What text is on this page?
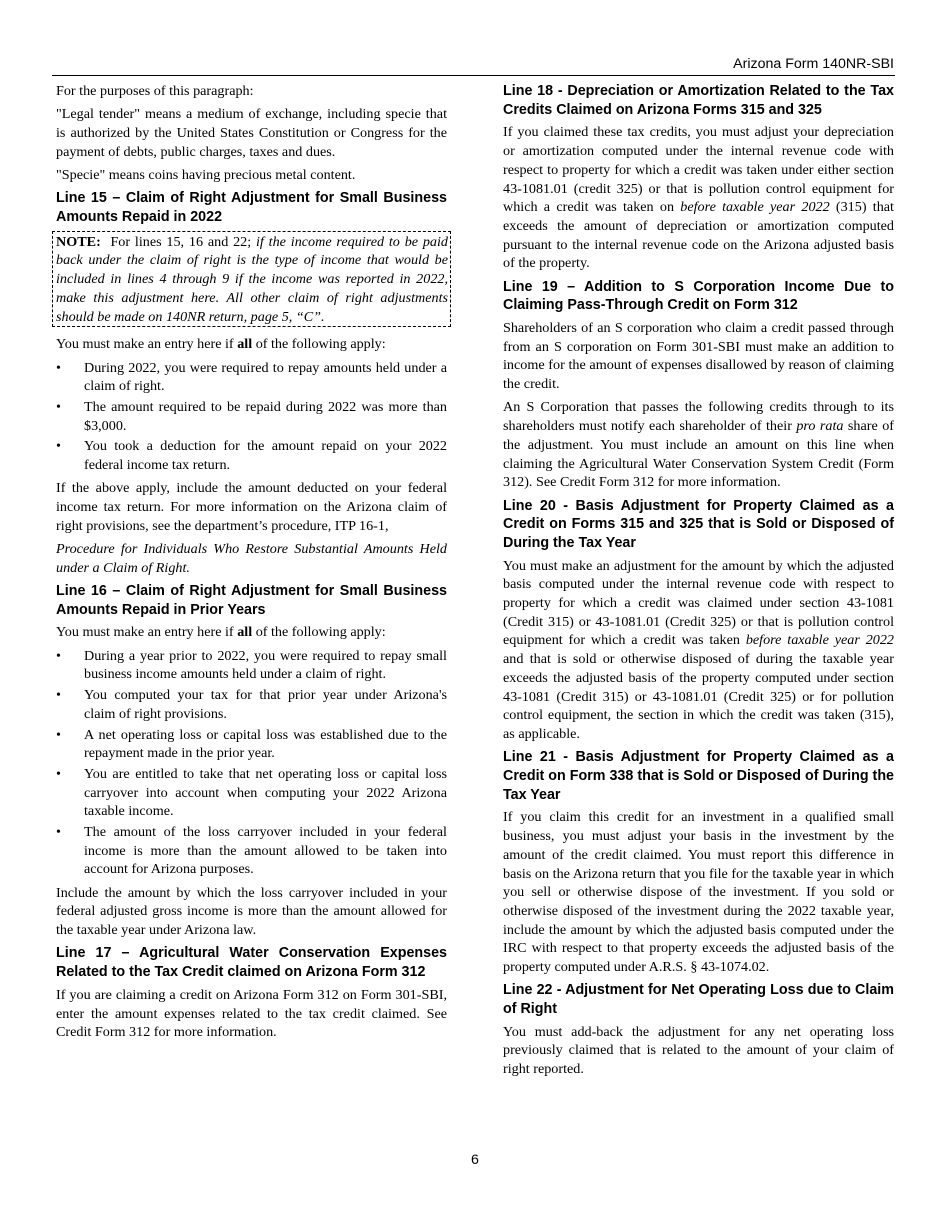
Arizona Form 140NR-SBI

For the purposes of this paragraph:

"Legal tender" means a medium of exchange, including specie that is authorized by the United States Constitution or Congress for the payment of debts, public charges, taxes and dues.

"Specie" means coins having precious metal content.

Line 15 – Claim of Right Adjustment for Small Business Amounts Repaid in 2022

NOTE: For lines 15, 16 and 22; if the income required to be paid back under the claim of right is the type of income that would be included in lines 4 through 9 if the income was reported in 2022, make this adjustment here. All other claim of right adjustments should be made on 140NR return, page 5, “C”.

You must make an entry here if all of the following apply:

• During 2022, you were required to repay amounts held under a claim of right.
• The amount required to be repaid during 2022 was more than $3,000.
• You took a deduction for the amount repaid on your 2022 federal income tax return.

If the above apply, include the amount deducted on your federal income tax return. For more information on the Arizona claim of right provisions, see the department’s procedure, ITP 16-1,

Procedure for Individuals Who Restore Substantial Amounts Held under a Claim of Right.

Line 16 – Claim of Right Adjustment for Small Business Amounts Repaid in Prior Years

You must make an entry here if all of the following apply:

• During a year prior to 2022, you were required to repay small business income amounts held under a claim of right.
• You computed your tax for that prior year under Arizona's claim of right provisions.
• A net operating loss or capital loss was established due to the repayment made in the prior year.
• You are entitled to take that net operating loss or capital loss carryover into account when computing your 2022 Arizona taxable income.
• The amount of the loss carryover included in your federal income is more than the amount allowed to be taken into account for Arizona purposes.

Include the amount by which the loss carryover included in your federal adjusted gross income is more than the amount allowed for the taxable year under Arizona law.

Line 17 – Agricultural Water Conservation Expenses Related to the Tax Credit claimed on Arizona Form 312

If you are claiming a credit on Arizona Form 312 on Form 301-SBI, enter the amount expenses related to the tax credit claimed. See Credit Form 312 for more information.

Line 18 - Depreciation or Amortization Related to the Tax Credits Claimed on Arizona Forms 315 and 325

If you claimed these tax credits, you must adjust your depreciation or amortization computed under the internal revenue code with respect to property for which a credit was taken under either section 43-1081.01 (credit 325) or that is pollution control equipment for which a credit was taken on before taxable year 2022 (315) that exceeds the amount of depreciation or amortization computed pursuant to the internal revenue code on the Arizona adjusted basis of the property.

Line 19 – Addition to S Corporation Income Due to Claiming Pass-Through Credit on Form 312

Shareholders of an S corporation who claim a credit passed through from an S corporation on Form 301-SBI must make an addition to income for the amount of expenses disallowed by reason of claiming the credit.

An S Corporation that passes the following credits through to its shareholders must notify each shareholder of their pro rata share of the adjustment. You must include an amount on this line when claiming the Agricultural Water Conservation System Credit (Form 312). See Credit Form 312 for more information.

Line 20 - Basis Adjustment for Property Claimed as a Credit on Forms 315 and 325 that is Sold or Disposed of During the Tax Year

You must make an adjustment for the amount by which the adjusted basis computed under the internal revenue code with respect to property for which a credit was claimed under section 43-1081 (Credit 315) or 43-1081.01 (Credit 325) or that is pollution control equipment for which a credit was taken before taxable year 2022 and that is sold or otherwise disposed of during the taxable year exceeds the adjusted basis of the property computed under section 43-1081 (Credit 315) or 43-1081.01 (Credit 325) or for pollution control equipment, the section in which the credit was taken (315), as applicable.

Line 21 - Basis Adjustment for Property Claimed as a Credit on Form 338 that is Sold or Disposed of During the Tax Year

If you claim this credit for an investment in a qualified small business, you must adjust your basis in the investment by the amount of the credit claimed. You must report this difference in basis on the Arizona return that you file for the taxable year in which you sell or otherwise dispose of the investment. If you sold or otherwise disposed of the investment during the 2022 taxable year, include the amount by which the adjusted basis computed under the IRC with respect to that property exceeds the adjusted basis of the property computed under A.R.S. § 43-1074.02.

Line 22 - Adjustment for Net Operating Loss due to Claim of Right

You must add-back the adjustment for any net operating loss previously claimed that is related to the amount of your claim of right reported.

6
